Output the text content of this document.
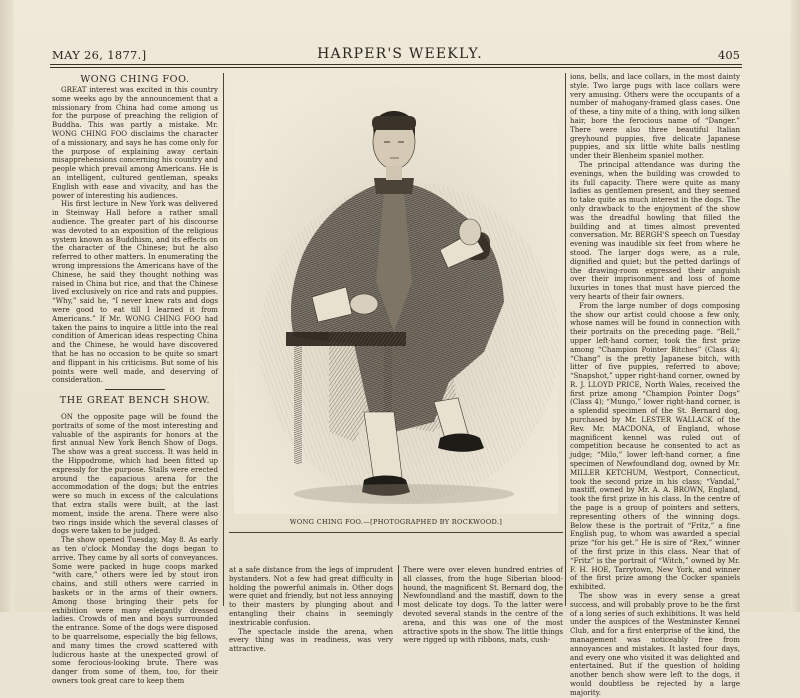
MAY 26, 1877.]	HARPER'S WEEKLY.	405
WONG CHING FOO.

GREAT interest was excited in this country some weeks ago by the announcement that a missionary from China had come among us for the purpose of preaching the religion of Buddha. This was partly a mistake. Mr. WONG CHING FOO disclaims the character of a missionary, and says he has come only for the purpose of explaining away certain misapprehensions concerning his country and people which prevail among Americans. He is an intelligent, cultured gentleman, speaks English with ease and vivacity, and has the power of interesting his audiences.

His first lecture in New York was delivered in Steinway Hall before a rather small audience. The greater part of his discourse was devoted to an exposition of the religious system known as Buddhism, and its effects on the character of the Chinese; but he also referred to other matters. In enumerating the wrong impressions the Americans have of the Chinese, he said they thought nothing was raised in China but rice, and that the Chinese lived exclusively on rice and rats and puppies. “Why,” said he, “I never knew rats and dogs were good to eat till I learned it from Americans.” If Mr. WONG CHING FOO had taken the pains to inquire a little into the real condition of American ideas respecting China and the Chinese, he would have discovered that he has no occasion to be quite so smart and flippant in his criticisms. But some of his points were well made, and deserving of consideration.

THE GREAT BENCH SHOW.

ON the opposite page will be found the portraits of some of the most interesting and valuable of the aspirants for honors at the first annual New York Bench Show of Dogs. The show was a great success. It was held in the Hippodrome, which had been fitted up expressly for the purpose. Stalls were erected around the capacious arena for the accommodation of the dogs; but the entries were so much in excess of the calculations that extra stalls were built, at the last moment, inside the arena. There were also two rings inside which the several classes of dogs were taken to be judged.

The show opened Tuesday, May 8. As early as ten o'clock Monday the dogs began to arrive. They came by all sorts of conveyances. Some were packed in huge coops marked “with care,” others were led by stout iron chains, and still others were carried in baskets or in the arms of their owners. Among those bringing their pets for exhibition were many elegantly dressed ladies. Crowds of men and boys surrounded the entrance. Some of the dogs were disposed to be quarrelsome, especially the big fellows, and many times the crowd scattered with ludicrous haste at the unexpected growl of some ferocious-looking brute. There was danger from some of them, too, for their owners took great care to keep them

WONG CHING FOO.—[PHOTOGRAPHED BY ROCKWOOD.]

at a safe distance from the legs of imprudent bystanders. Not a few had great difficulty in holding the powerful animals in. Other dogs were quiet and friendly, but not less annoying to their masters by plunging about and entangling their chains in seemingly inextricable confusion.

The spectacle inside the arena, when every thing was in readiness, was very attractive.

There were over eleven hundred entries of all classes, from the huge Siberian blood-hound, the magnificent St. Bernard dog, the Newfoundland and the mastiff, down to the most delicate toy dogs. To the latter were devoted several stands in the centre of the arena, and this was one of the most attractive spots in the show. The little things were rigged up with ribbons, mats, cush-

ions, bells, and lace collars, in the most dainty style. Two large pugs with lace collars were very amusing. Others were the occupants of a number of mahogany-framed glass cases. One of these, a tiny mite of a thing, with long silken hair, bore the ferocious name of “Danger.” There were also three beautiful Italian greyhound puppies, five delicate Japanese puppies, and six little white balls nestling under their Blenheim spaniel mother.

The principal attendance was during the evenings, when the building was crowded to its full capacity. There were quite as many ladies as gentlemen present, and they seemed to take quite as much interest in the dogs. The only drawback to the enjoyment of the show was the dreadful howling that filled the building and at times almost prevented conversation. Mr. BERGH'S speech on Tuesday evening was inaudible six feet from where he stood. The larger dogs were, as a rule, dignified and quiet; but the petted darlings of the drawing-room expressed their anguish over their imprisonment and loss of home luxuries in tones that must have pierced the very hearts of their fair owners.

From the large number of dogs composing the show our artist could choose a few only, whose names will be found in connection with their portraits on the preceding page. “Bell,” upper left-hand corner, took the first prize among “Champion Pointer Bitches” (Class 4); “Chang” is the pretty Japanese bitch, with litter of five puppies, referred to above; “Snapshot,” upper right-hand corner, owned by R. J. LLOYD PRICE, North Wales, received the first prize among “Champion Pointer Dogs” (Class 4); “Mungo,” lower right-hand corner, is a splendid specimen of the St. Bernard dog, purchased by Mr. LESTER WALLACK of the Rev. Mr. MACDONA, of England, whose magnificent kennel was ruled out of competition because he consented to act as judge; “Milo,” lower left-hand corner, a fine specimen of Newfoundland dog, owned by Mr. MILLER KETCHUM, Westport, Connecticut, took the second prize in his class; “Vandal,” mastiff, owned by Mr. A. A. BROWN, England, took the first prize in his class. In the centre of the page is a group of pointers and setters, representing others of the winning dogs. Below these is the portrait of “Fritz,” a fine English pug, to whom was awarded a special prize “for his get.” He is sire of “Rex,” winner of the first prize in this class. Near that of “Fritz” is the portrait of “Witch,” owned by Mr. F. H. HOE, Tarrytown, New York, and winner of the first prize among the Cocker spaniels exhibited.

The show was in every sense a great success, and will probably prove to be the first of a long series of such exhibitions. It was held under the auspices of the Westminster Kennel Club, and for a first enterprise of the kind, the management was noticeably free from annoyances and mistakes. It lasted four days, and every one who visited it was delighted and entertained. But if the question of holding another bench show were left to the dogs, it would doubtless be rejected by a large majority.
